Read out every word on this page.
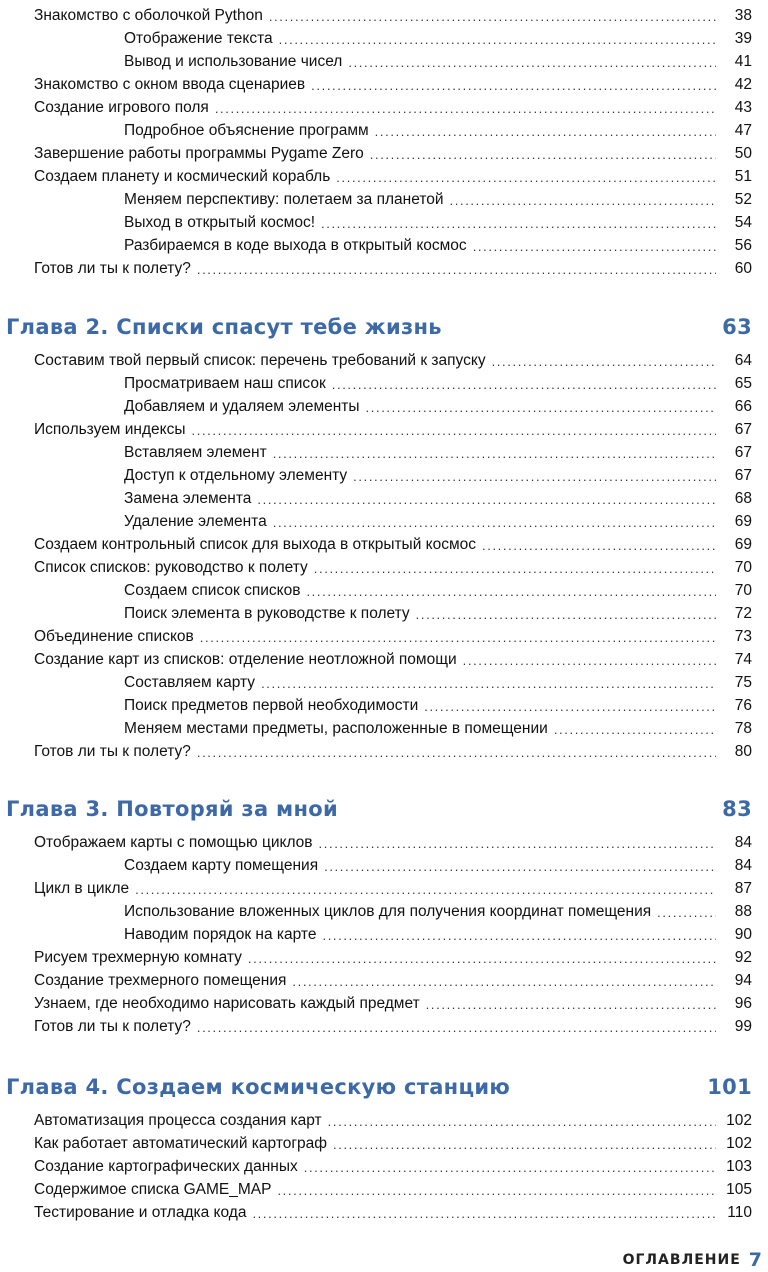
Знакомство с оболочкой Python . . .	38
Отображение текста . . .	39
Вывод и использование чисел . . .	41
Знакомство с окном ввода сценариев . . .	42
Создание игрового поля . . .	43
Подробное объяснение программ . . .	47
Завершение работы программы Pygame Zero . . .	50
Создаем планету и космический корабль . . .	51
Меняем перспективу: полетаем за планетой . . .	52
Выход в открытый космос! . . .	54
Разбираемся в коде выхода в открытый космос . . .	56
Готов ли ты к полету? . . .	60
Глава 2. Списки спасут тебе жизнь	63
Составим твой первый список: перечень требований к запуску . . .	64
Просматриваем наш список . . .	65
Добавляем и удаляем элементы . . .	66
Используем индексы . . .	67
Вставляем элемент . . .	67
Доступ к отдельному элементу . . .	67
Замена элемента . . .	68
Удаление элемента . . .	69
Создаем контрольный список для выхода в открытый космос . . .	69
Список списков: руководство к полету . . .	70
Создаем список списков . . .	70
Поиск элемента в руководстве к полету . . .	72
Объединение списков . . .	73
Создание карт из списков: отделение неотложной помощи . . .	74
Составляем карту . . .	75
Поиск предметов первой необходимости . . .	76
Меняем местами предметы, расположенные в помещении . . .	78
Готов ли ты к полету? . . .	80
Глава 3. Повторяй за мной	83
Отображаем карты с помощью циклов . . .	84
Создаем карту помещения . . .	84
Цикл в цикле . . .	87
Использование вложенных циклов для получения координат помещения . . .	88
Наводим порядок на карте . . .	90
Рисуем трехмерную комнату . . .	92
Создание трехмерного помещения . . .	94
Узнаем, где необходимо нарисовать каждый предмет . . .	96
Готов ли ты к полету? . . .	99
Глава 4. Создаем космическую станцию	101
Автоматизация процесса создания карт . . .	102
Как работает автоматический картограф . . .	102
Создание картографических данных . . .	103
Содержимое списка GAME_MAP . . .	105
Тестирование и отладка кода . . .	110
ОГЛАВЛЕНИЕ 7
